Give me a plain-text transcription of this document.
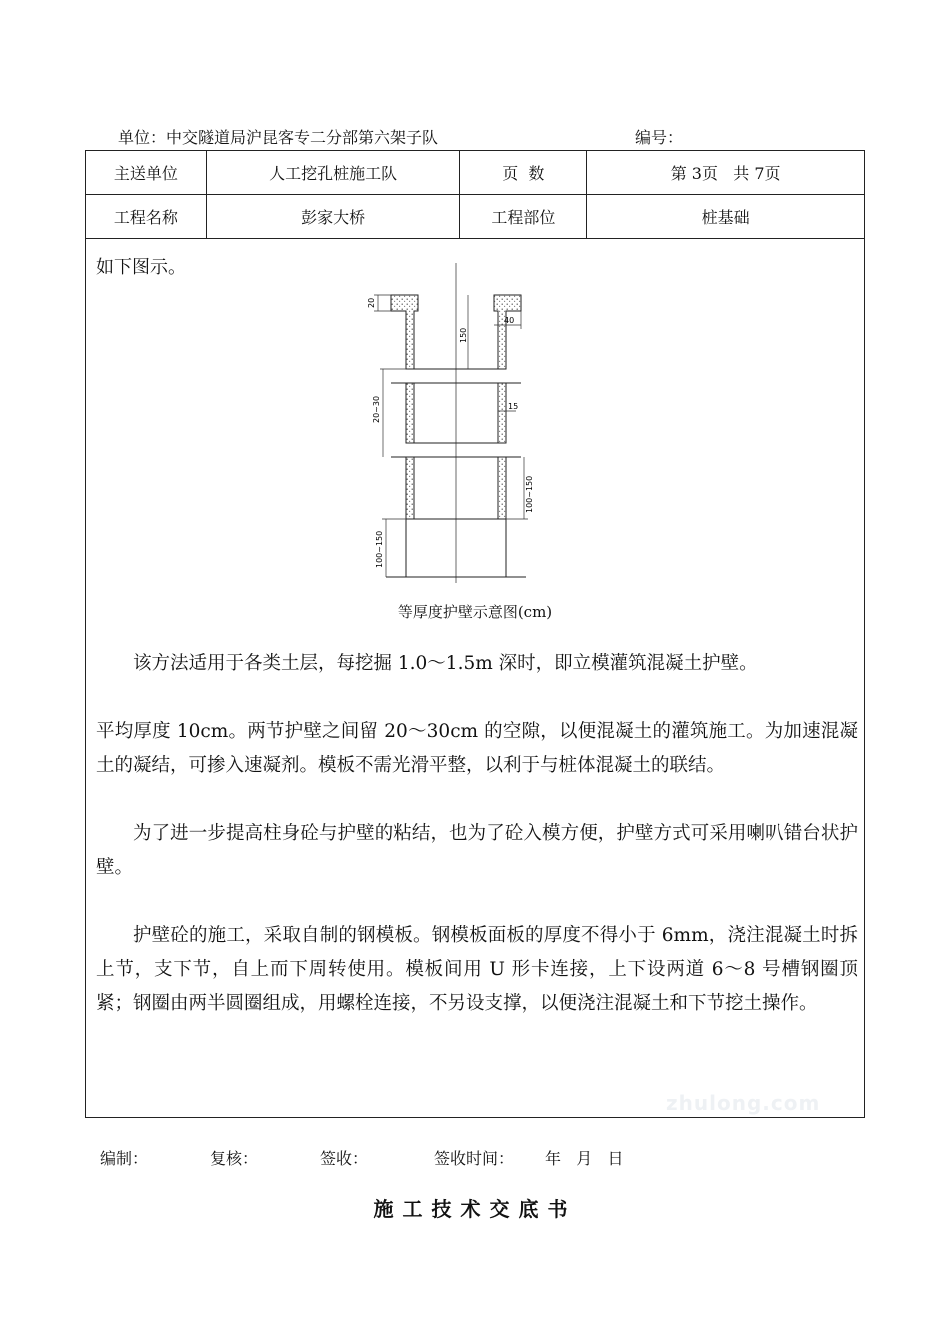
单位：中交隧道局沪昆客专二分部第六架子队	编号：
主送单位	人工挖孔桩施工队	页  数	第 3页   共 7页
工程名称	彭家大桥	工程部位	桩基础
如下图示。
20
40
150
20~30	15
100~150
100~150
等厚度护壁示意图(cm)
该方法适用于各类土层，每挖掘 1.0～1.5m 深时，即立模灌筑混凝土护壁。
平均厚度 10cm。两节护壁之间留 20～30cm 的空隙，以便混凝土的灌筑施工。为加速混凝土的凝结，可掺入速凝剂。模板不需光滑平整，以利于与桩体混凝土的联结。
为了进一步提高柱身砼与护壁的粘结，也为了砼入模方便，护壁方式可采用喇叭错台状护壁。
护壁砼的施工，采取自制的钢模板。钢模板面板的厚度不得小于 6mm，浇注混凝土时拆上节，支下节，自上而下周转使用。模板间用 U 形卡连接，上下设两道 6～8 号槽钢圈顶紧；钢圈由两半圆圈组成，用螺栓连接，不另设支撑，以便浇注混凝土和下节挖土操作。
zhulong.com
编制：	复核：	签收：	签收时间： 年   月   日
施工技术交底书
